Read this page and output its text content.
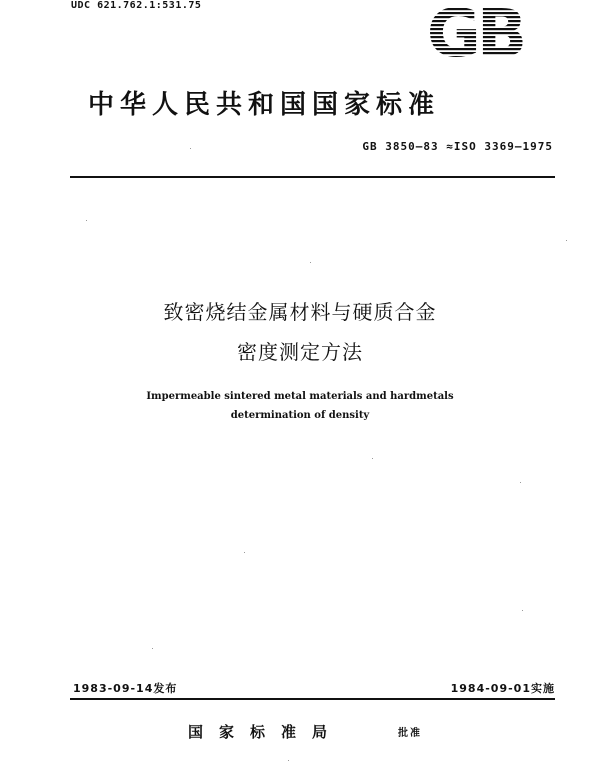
UDC 621.762.1:531.75	GB
中华人民共和国国家标准
GB 3850—83 ≈ISO 3369—1975
致密烧结金属材料与硬质合金
密度测定方法
Impermeable sintered metal materials and hardmetals
determination of density
1983-09-14发布	1984-09-01实施
国家标准局	批准
